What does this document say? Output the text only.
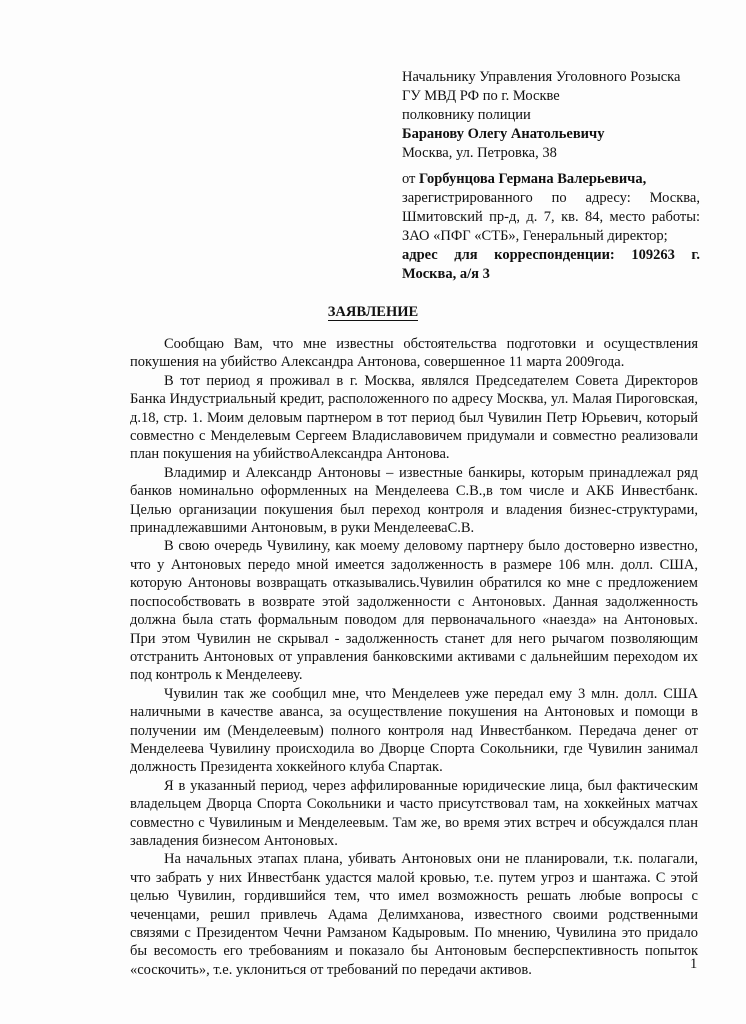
Начальнику Управления Уголовного Розыска
ГУ МВД РФ по г. Москве
полковнику полиции
Баранову Олегу Анатольевичу
Москва, ул. Петровка, 38
от Горбунцова Германа Валерьевича,
зарегистрированного по адресу: Москва, Шмитовский пр-д, д. 7, кв. 84, место работы: ЗАО «ПФГ «СТБ», Генеральный директор;
адрес для корреспонденции: 109263 г. Москва, а/я 3
ЗАЯВЛЕНИЕ

Сообщаю Вам, что мне известны обстоятельства подготовки и осуществления покушения на убийство Александра Антонова, совершенное 11 марта 2009года.

В тот период я проживал в г. Москва, являлся Председателем Совета Директоров Банка Индустриальный кредит, расположенного по адресу Москва, ул. Малая Пироговская, д.18, стр. 1. Моим деловым партнером в тот период был Чувилин Петр Юрьевич, который совместно с Менделевым Сергеем Владиславовичем придумали и совместно реализовали план покушения на убийствоАлександра Антонова.

Владимир и Александр Антоновы – известные банкиры, которым принадлежал ряд банков номинально оформленных на Менделеева С.В.,в том числе и АКБ Инвестбанк. Целью организации покушения был переход контроля и владения бизнес-структурами, принадлежавшими Антоновым, в руки МенделееваС.В.

В свою очередь Чувилину, как моему деловому партнеру было достоверно известно, что у Антоновых передо мной имеется задолженность в размере 106 млн. долл. США, которую Антоновы возвращать отказывались.Чувилин обратился ко мне с предложением поспособствовать в возврате этой задолженности с Антоновых. Данная задолженность должна была стать формальным поводом для первоначального «наезда» на Антоновых. При этом Чувилин не скрывал - задолженность станет для него рычагом позволяющим отстранить Антоновых от управления банковскими активами с дальнейшим переходом их под контроль к Менделееву.

Чувилин так же сообщил мне, что Менделеев уже передал ему 3 млн. долл. США наличными в качестве аванса, за осуществление покушения на Антоновых и помощи в получении им (Менделеевым) полного контроля над Инвестбанком. Передача денег от Менделеева Чувилину происходила во Дворце Спорта Сокольники, где Чувилин занимал должность Президента хоккейного клуба Спартак.

Я в указанный период, через аффилированные юридические лица, был фактическим владельцем Дворца Спорта Сокольники и часто присутствовал там, на хоккейных матчах совместно с Чувилиным и Менделеевым. Там же, во время этих встреч и обсуждался план завладения бизнесом Антоновых.

На начальных этапах плана, убивать Антоновых они не планировали, т.к. полагали, что забрать у них Инвестбанк удастся малой кровью, т.е. путем угроз и шантажа. С этой целью Чувилин, гордившийся тем, что имел возможность решать любые вопросы с чеченцами, решил привлечь Адама Делимханова, известного своими родственными связями с Президентом Чечни Рамзаном Кадыровым. По мнению, Чувилина это придало бы весомость его требованиям и показало бы Антоновым бесперспективность попыток «соскочить», т.е. уклониться от требований по передачи активов.	1
